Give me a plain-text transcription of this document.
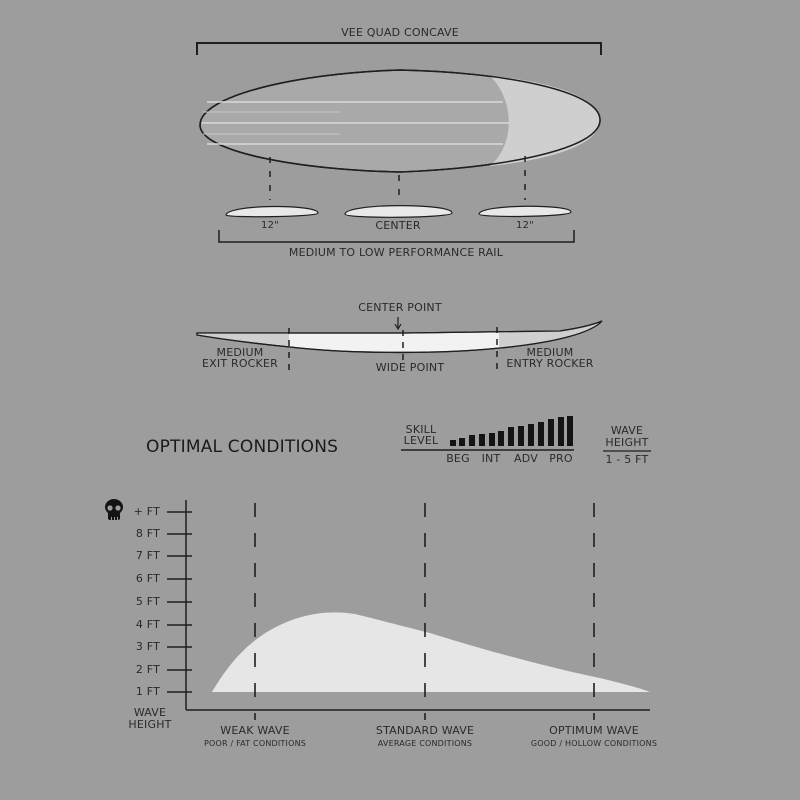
VEE QUAD CONCAVE
12"	CENTER	12"
MEDIUM TO LOW PERFORMANCE RAIL
CENTER POINT
MEDIUM
EXIT ROCKER	WIDE POINT
MEDIUM
ENTRY ROCKER
OPTIMAL CONDITIONS
SKILL
LEVEL
BEG	INT	ADV	PRO
WAVE
HEIGHT
1 - 5 FT
+ FT
8 FT
7 FT
6 FT
5 FT
4 FT
3 FT
2 FT
1 FT
WAVE
HEIGHT	WEAK WAVE
POOR / FAT CONDITIONS
STANDARD WAVE
AVERAGE CONDITIONS
OPTIMUM WAVE
GOOD / HOLLOW CONDITIONS
